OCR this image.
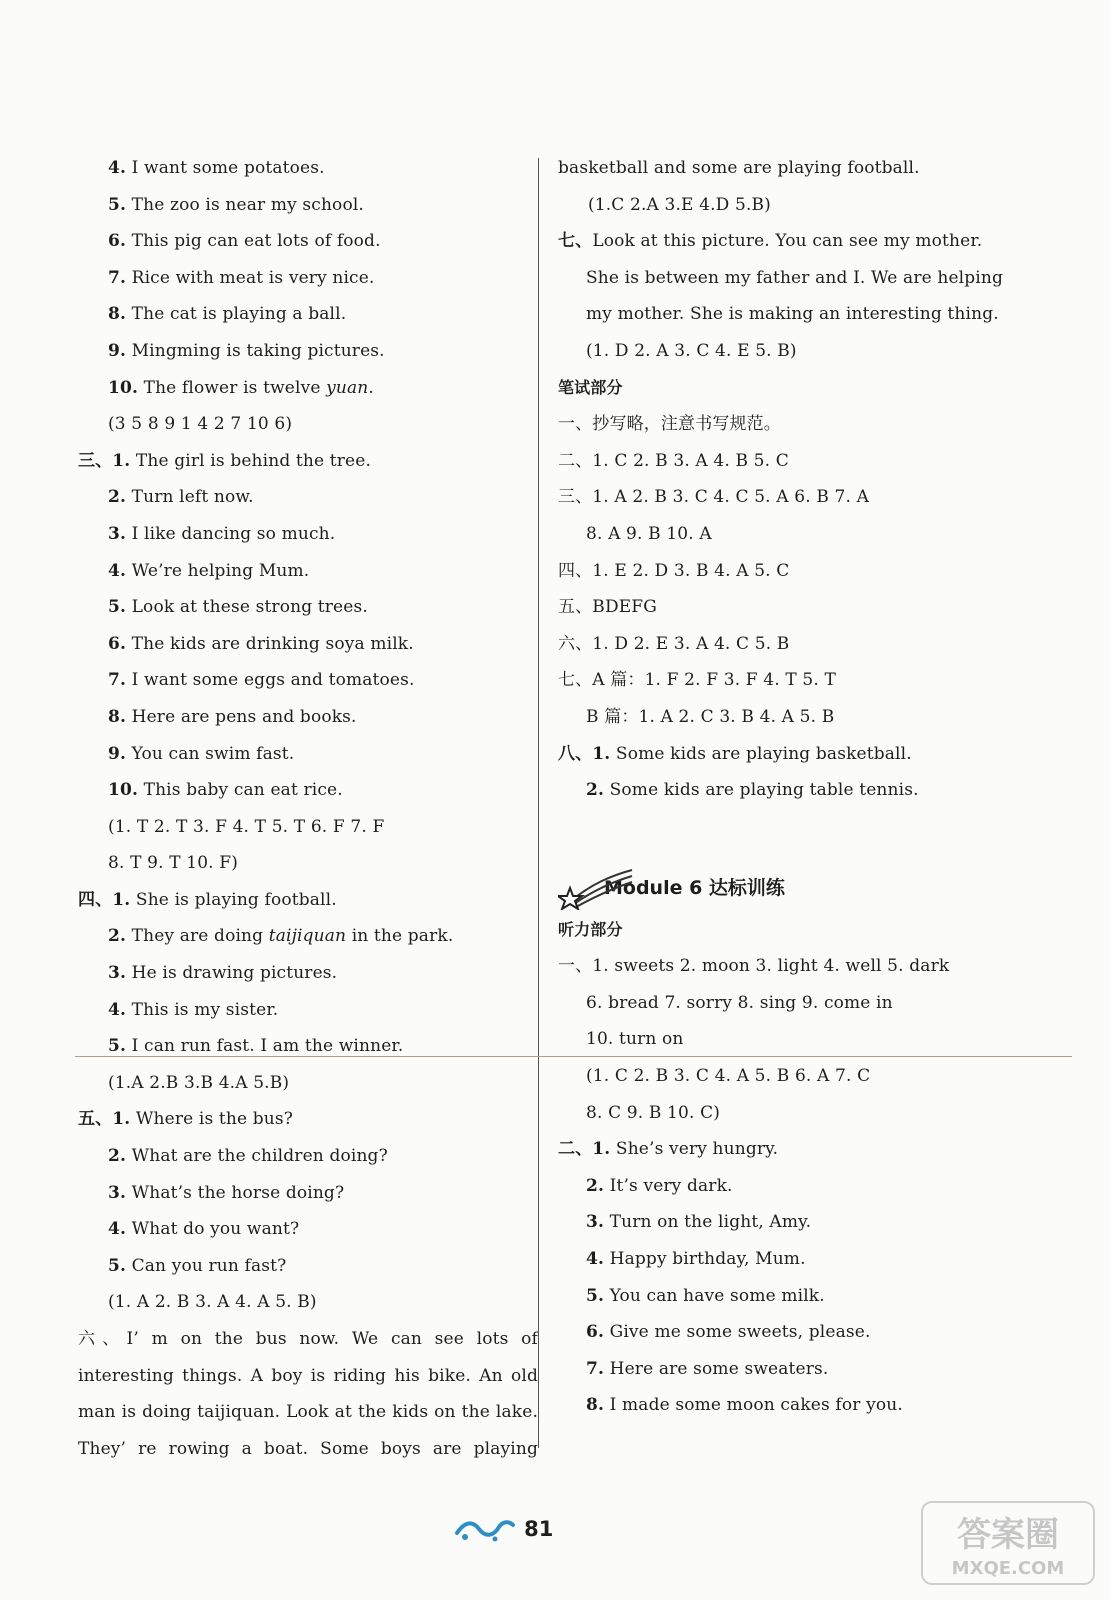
4. I want some potatoes.
5. The zoo is near my school.
6. This pig can eat lots of food.
7. Rice with meat is very nice.
8. The cat is playing a ball.
9. Mingming is taking pictures.
10. The flower is twelve yuan.
(3 5 8 9 1 4 2 7 10 6)
三、1. The girl is behind the tree.
2. Turn left now.
3. I like dancing so much.
4. We’re helping Mum.
5. Look at these strong trees.
6. The kids are drinking soya milk.
7. I want some eggs and tomatoes.
8. Here are pens and books.
9. You can swim fast.
10. This baby can eat rice.
(1. T 2. T 3. F 4. T 5. T 6. F 7. F
8. T 9. T 10. F)
四、1. She is playing football.
2. They are doing taijiquan in the park.
3. He is drawing pictures.
4. This is my sister.
5. I can run fast. I am the winner.
(1.A 2.B 3.B 4.A 5.B)
五、1. Where is the bus?
2. What are the children doing?
3. What’s the horse doing?
4. What do you want?
5. Can you run fast?
(1. A 2. B 3. A 4. A 5. B)
六、I’ m on the bus now. We can see lots of
interesting things. A boy is riding his bike. An old
man is doing taijiquan. Look at the kids on the lake.
They’ re rowing a boat. Some boys are playing
basketball and some are playing football.
(1.C 2.A 3.E 4.D 5.B)
七、Look at this picture. You can see my mother.
She is between my father and I. We are helping
my mother. She is making an interesting thing.
(1. D 2. A 3. C 4. E 5. B)
笔试部分
一、抄写略，注意书写规范。
二、1. C 2. B 3. A 4. B 5. C
三、1. A 2. B 3. C 4. C 5. A 6. B 7. A
8. A 9. B 10. A
四、1. E 2. D 3. B 4. A 5. C
五、BDEFG
六、1. D 2. E 3. A 4. C 5. B
七、A 篇：1. F 2. F 3. F 4. T 5. T
B 篇：1. A 2. C 3. B 4. A 5. B
八、1. Some kids are playing basketball.
2. Some kids are playing table tennis.
Module 6 达标训练
听力部分
一、1. sweets 2. moon 3. light 4. well 5. dark
6. bread 7. sorry 8. sing 9. come in
10. turn on
(1. C 2. B 3. C 4. A 5. B 6. A 7. C
8. C 9. B 10. C)
二、1. She’s very hungry.
2. It’s very dark.
3. Turn on the light, Amy.
4. Happy birthday, Mum.
5. You can have some milk.
6. Give me some sweets, please.
7. Here are some sweaters.
8. I made some moon cakes for you.
81	答案圈
MXQE.COM
